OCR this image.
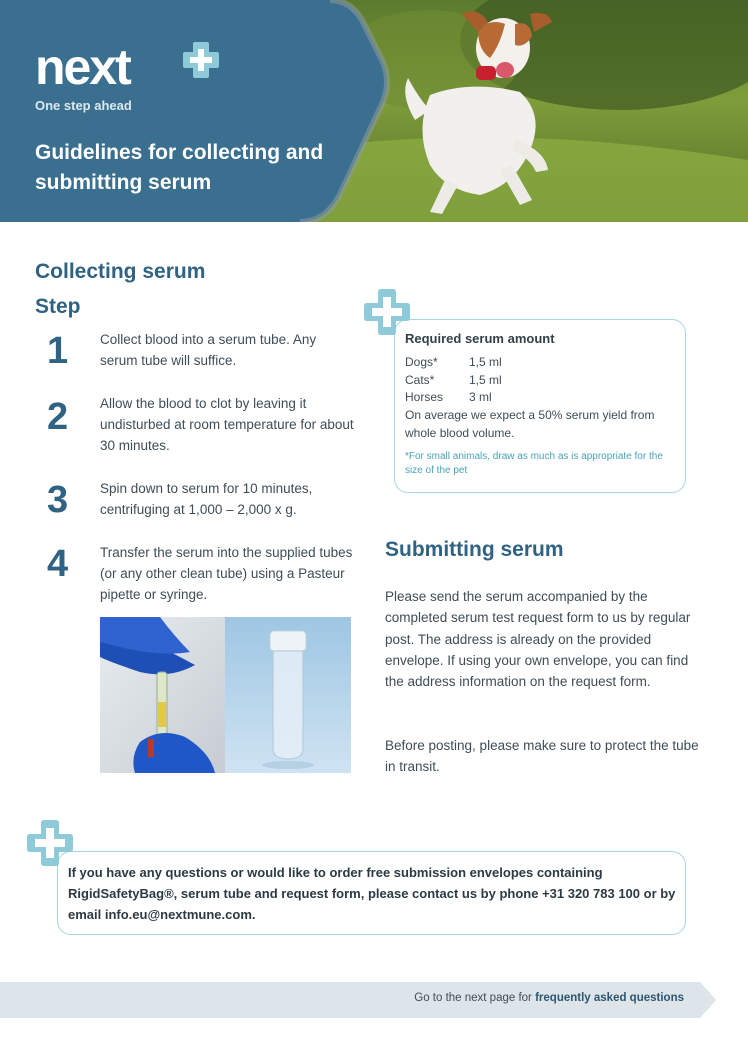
next
One step ahead
Guidelines for collecting and submitting serum
Collecting serum
Step
1 Collect blood into a serum tube. Any serum tube will suffice.
2 Allow the blood to clot by leaving it undisturbed at room temperature for about 30 minutes.
3 Spin down to serum for 10 minutes, centrifuging at 1,000 – 2,000 x g.
4 Transfer the serum into the supplied tubes (or any other clean tube) using a Pasteur pipette or syringe.
Required serum amount
Dogs*	1,5 ml
Cats*	1,5 ml
Horses 3 ml
On average we expect a 50% serum yield from whole blood volume.
*For small animals, draw as much as is appropriate for the size of the pet
Submitting serum
Please send the serum accompanied by the completed serum test request form to us by regular post. The address is already on the provided envelope. If using your own envelope, you can find the address information on the request form.
Before posting, please make sure to protect the tube in transit.
If you have any questions or would like to order free submission envelopes containing RigidSafetyBag®, serum tube and request form, please contact us by phone +31 320 783 100 or by email info.eu@nextmune.com.
Go to the next page for frequently asked questions
